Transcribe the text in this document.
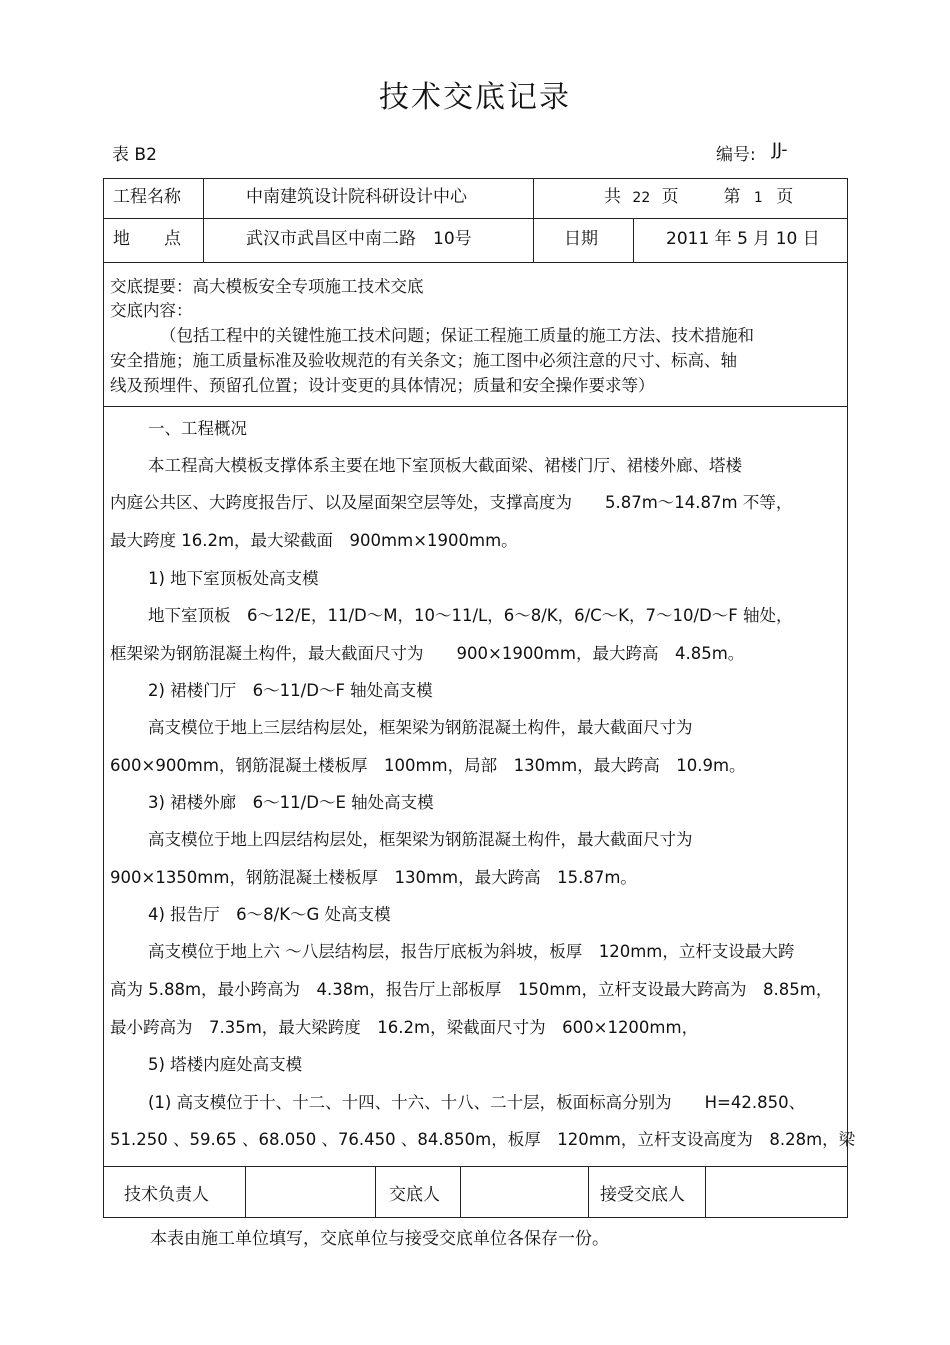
技术交底记录
表 B2	编号: JJ-
工程名称	中南建筑设计院科研设计中心	共 22 页	第 1 页
地　　点	武汉市武昌区中南二路　10号	日期	2011 年 5 月 10 日
交底提要：高大模板安全专项施工技术交底
交底内容：
（包括工程中的关键性施工技术问题；保证工程施工质量的施工方法、技术措施和
安全措施；施工质量标准及验收规范的有关条文；施工图中必须注意的尺寸、标高、轴
线及预埋件、预留孔位置；设计变更的具体情况；质量和安全操作要求等）
一、工程概况
本工程高大模板支撑体系主要在地下室顶板大截面梁、裙楼门厅、裙楼外廊、塔楼
内庭公共区、大跨度报告厅、以及屋面架空层等处，支撑高度为　　5.87m～14.87m 不等，
最大跨度 16.2m，最大梁截面　900mm×1900mm。
1) 地下室顶板处高支模
地下室顶板　6～12/E，11/D～M，10～11/L，6～8/K，6/C～K，7～10/D～F 轴处，
框架梁为钢筋混凝土构件，最大截面尺寸为　　900×1900mm，最大跨高　4.85m。
2) 裙楼门厅　6～11/D～F 轴处高支模
高支模位于地上三层结构层处，框架梁为钢筋混凝土构件，最大截面尺寸为
600×900mm，钢筋混凝土楼板厚　100mm，局部　130mm，最大跨高　10.9m。
3) 裙楼外廊　6～11/D～E 轴处高支模
高支模位于地上四层结构层处，框架梁为钢筋混凝土构件，最大截面尺寸为
900×1350mm，钢筋混凝土楼板厚　130mm，最大跨高　15.87m。
4) 报告厅　6～8/K～G 处高支模
高支模位于地上六 ～八层结构层，报告厅底板为斜坡，板厚　120mm，立杆支设最大跨
高为 5.88m，最小跨高为　4.38m，报告厅上部板厚　150mm，立杆支设最大跨高为　8.85m，
最小跨高为　7.35m，最大梁跨度　16.2m，梁截面尺寸为　600×1200mm，
5) 塔楼内庭处高支模
(1) 高支模位于十、十二、十四、十六、十八、二十层，板面标高分别为　　H=42.850、
51.250 、59.65 、68.050 、76.450 、84.850m，板厚　120mm，立杆支设高度为　8.28m，梁
技术负责人	交底人	接受交底人
本表由施工单位填写，交底单位与接受交底单位各保存一份。
